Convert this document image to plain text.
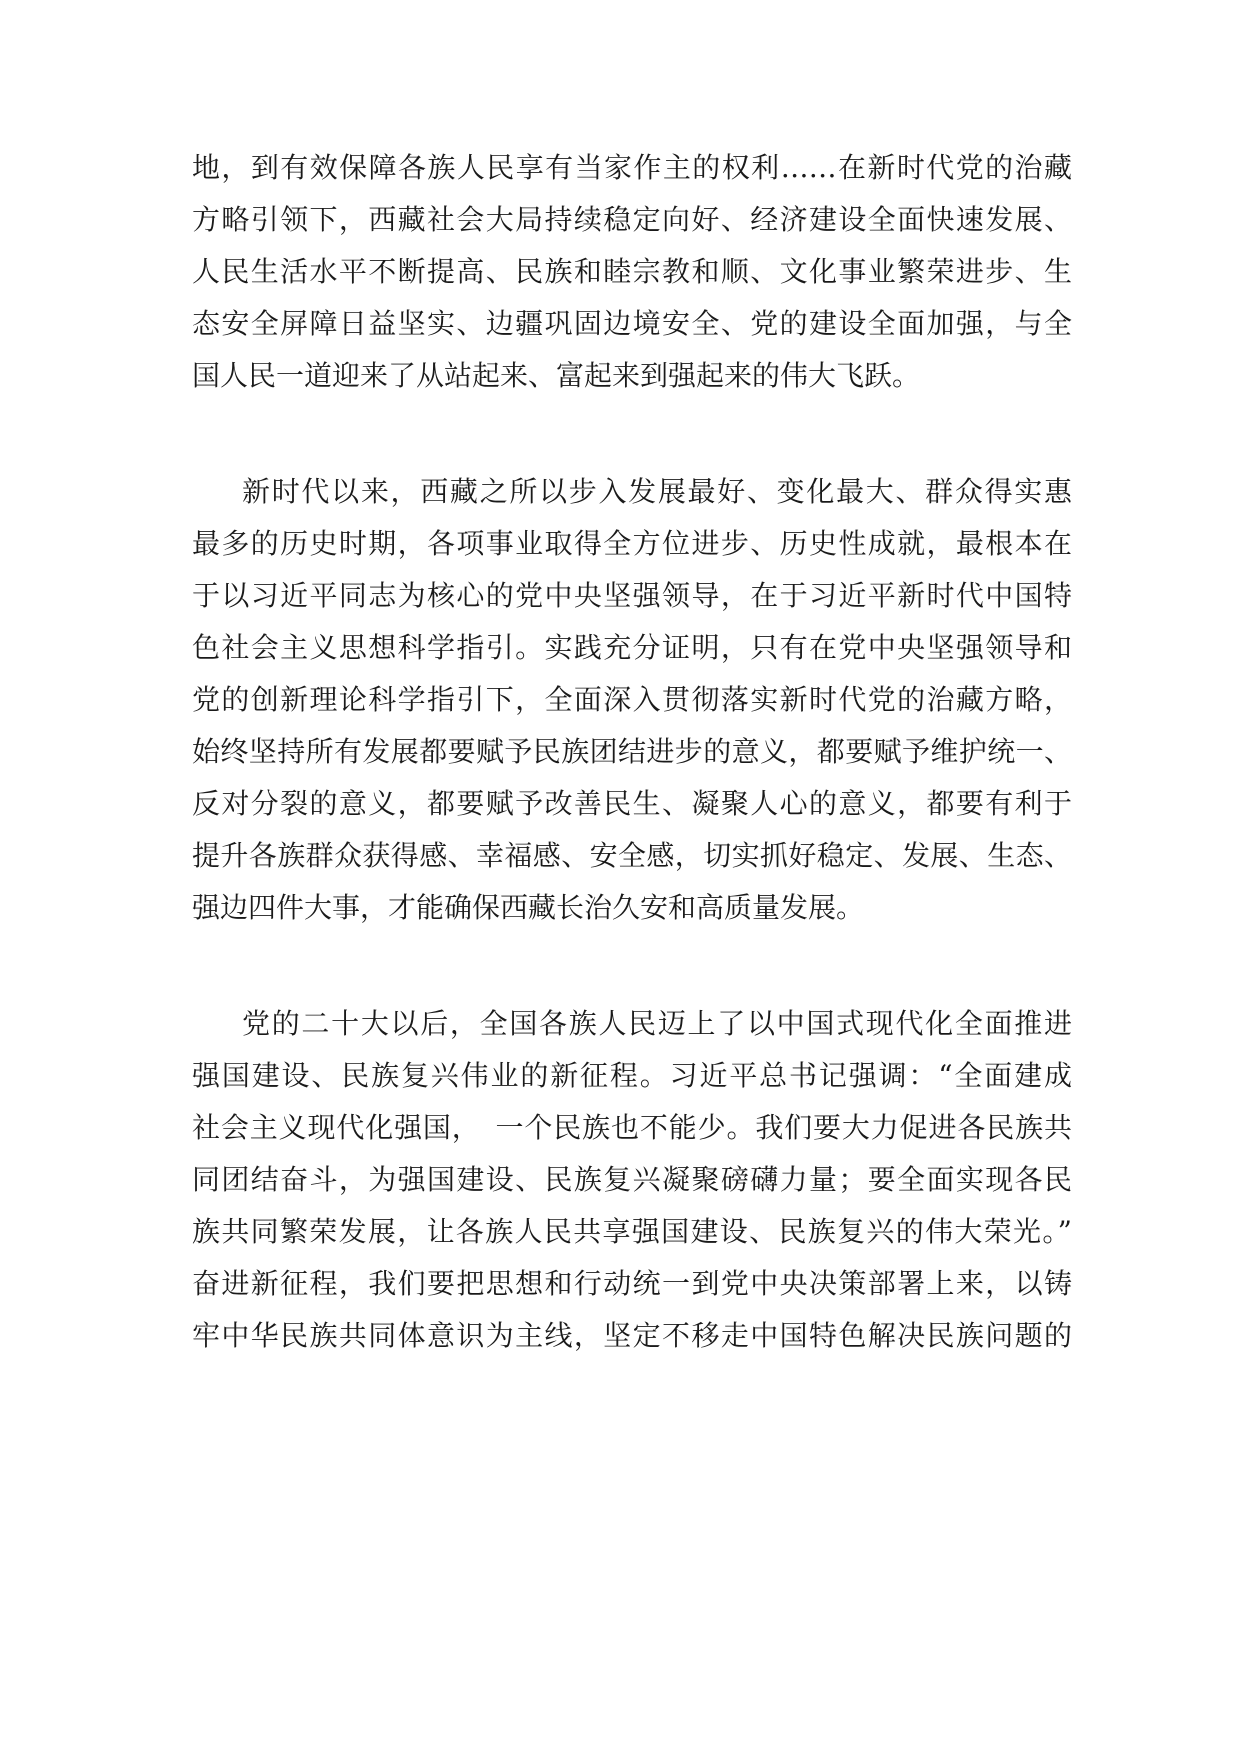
地，到有效保障各族人民享有当家作主的权利……在新时代党的治藏
方略引领下，西藏社会大局持续稳定向好、经济建设全面快速发展、
人民生活水平不断提高、民族和睦宗教和顺、文化事业繁荣进步、生
态安全屏障日益坚实、边疆巩固边境安全、党的建设全面加强，与全
国人民一道迎来了从站起来、富起来到强起来的伟大飞跃。
新时代以来，西藏之所以步入发展最好、变化最大、群众得实惠
最多的历史时期，各项事业取得全方位进步、历史性成就，最根本在
于以习近平同志为核心的党中央坚强领导，在于习近平新时代中国特
色社会主义思想科学指引。实践充分证明，只有在党中央坚强领导和
党的创新理论科学指引下，全面深入贯彻落实新时代党的治藏方略，
始终坚持所有发展都要赋予民族团结进步的意义，都要赋予维护统一、
反对分裂的意义，都要赋予改善民生、凝聚人心的意义，都要有利于
提升各族群众获得感、幸福感、安全感，切实抓好稳定、发展、生态、
强边四件大事，才能确保西藏长治久安和高质量发展。
党的二十大以后，全国各族人民迈上了以中国式现代化全面推进
强国建设、民族复兴伟业的新征程。习近平总书记强调：“全面建成
社会主义现代化强国，　一个民族也不能少。我们要大力促进各民族共
同团结奋斗，为强国建设、民族复兴凝聚磅礴力量；要全面实现各民
族共同繁荣发展，让各族人民共享强国建设、民族复兴的伟大荣光。”
奋进新征程，我们要把思想和行动统一到党中央决策部署上来，以铸
牢中华民族共同体意识为主线，坚定不移走中国特色解决民族问题的
